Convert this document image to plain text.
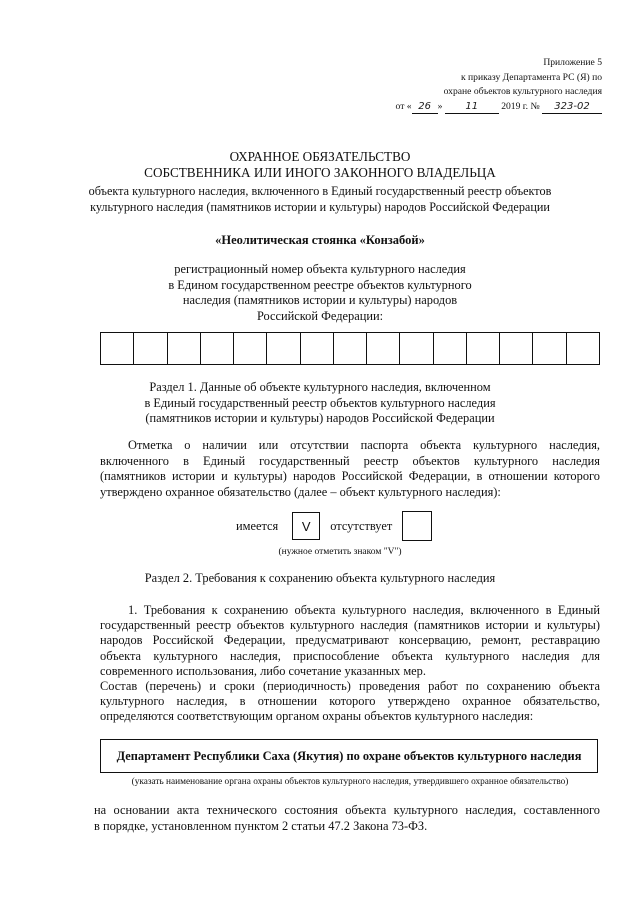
Приложение 5
к приказу Департамента РС (Я) по
охране объектов культурного наследия
от « 26 » 11 2019 г. № 323-02
ОХРАННОЕ ОБЯЗАТЕЛЬСТВО
СОБСТВЕННИКА ИЛИ ИНОГО ЗАКОННОГО ВЛАДЕЛЬЦА
объекта культурного наследия, включенного в Единый государственный реестр объектов
культурного наследия (памятников истории и культуры) народов Российской Федерации
«Неолитическая стоянка «Конзабой»
регистрационный номер объекта культурного наследия
в Едином государственном реестре объектов культурного
наследия (памятников истории и культуры) народов
Российской Федерации:
Раздел 1. Данные об объекте культурного наследия, включенном
в Единый государственный реестр объектов культурного наследия
(памятников истории и культуры) народов Российской Федерации
Отметка о наличии или отсутствии паспорта объекта культурного наследия,
включенного в Единый государственный реестр объектов культурного наследия
(памятников истории и культуры) народов Российской Федерации, в отношении которого
утверждено охранное обязательство (далее – объект культурного наследия):
имеется	V	отсутствует
(нужное отметить знаком "V")
Раздел 2. Требования к сохранению объекта культурного наследия
1. Требования к сохранению объекта культурного наследия, включенного в Единый
государственный реестр объектов культурного наследия (памятников истории и культуры)
народов Российской Федерации, предусматривают консервацию, ремонт, реставрацию
объекта культурного наследия, приспособление объекта культурного наследия для
современного использования, либо сочетание указанных мер.
Состав (перечень) и сроки (периодичность) проведения работ по сохранению объекта
культурного наследия, в отношении которого утверждено охранное обязательство,
определяются соответствующим органом охраны объектов культурного наследия:
Департамент Республики Саха (Якутия) по охране объектов культурного наследия
(указать наименование органа охраны объектов культурного наследия, утвердившего охранное обязательство)
на основании акта технического состояния объекта культурного наследия, составленного
в порядке, установленном пунктом 2 статьи 47.2 Закона 73-ФЗ.
